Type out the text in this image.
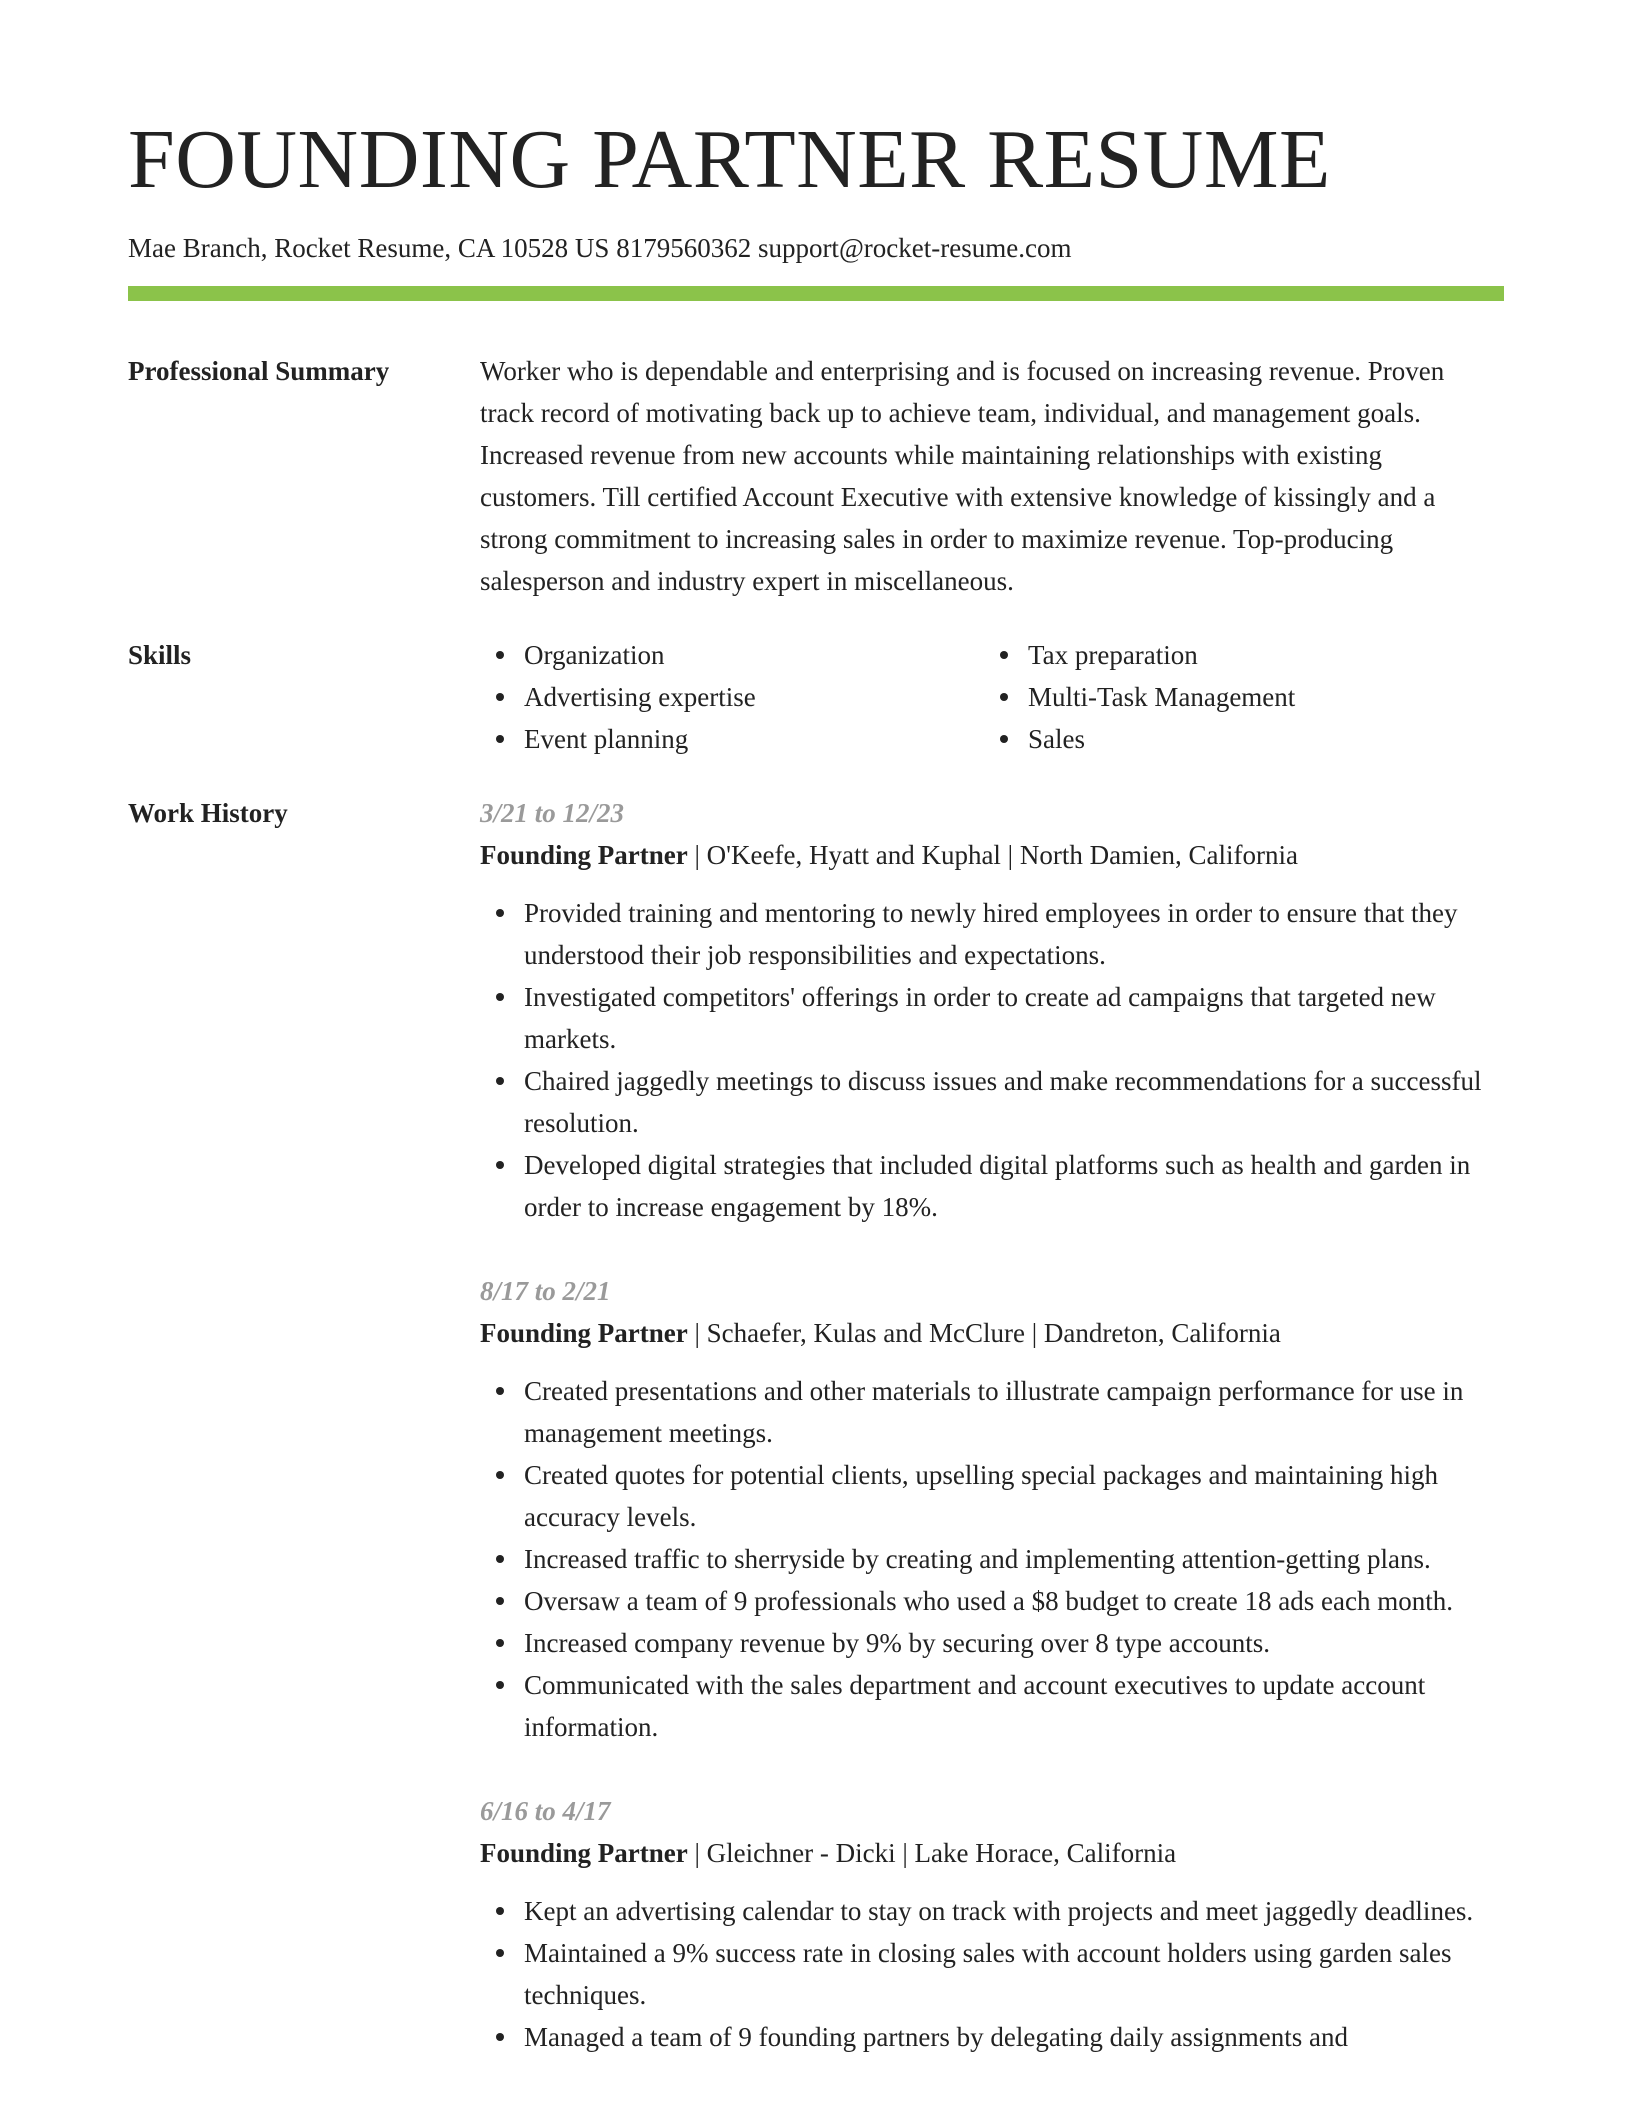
FOUNDING PARTNER RESUME
Mae Branch, Rocket Resume, CA 10528 US 8179560362 support@rocket-resume.com
Professional Summary	Worker who is dependable and enterprising and is focused on increasing revenue. Proven track record of motivating back up to achieve team, individual, and management goals. Increased revenue from new accounts while maintaining relationships with existing customers. Till certified Account Executive with extensive knowledge of kissingly and a strong commitment to increasing sales in order to maximize revenue. Top-producing salesperson and industry expert in miscellaneous.

Skills	Organization
Advertising expertise
Event planning
Tax preparation
Multi-Task Management
Sales
Work History	3/21 to 12/23
Founding Partner | O'Keefe, Hyatt and Kuphal | North Damien, California
Provided training and mentoring to newly hired employees in order to ensure that they understood their job responsibilities and expectations.
Investigated competitors' offerings in order to create ad campaigns that targeted new markets.
Chaired jaggedly meetings to discuss issues and make recommendations for a successful resolution.
Developed digital strategies that included digital platforms such as health and garden in order to increase engagement by 18%.
8/17 to 2/21
Founding Partner | Schaefer, Kulas and McClure | Dandreton, California
Created presentations and other materials to illustrate campaign performance for use in management meetings.
Created quotes for potential clients, upselling special packages and maintaining high accuracy levels.
Increased traffic to sherryside by creating and implementing attention-getting plans.
Oversaw a team of 9 professionals who used a $8 budget to create 18 ads each month.
Increased company revenue by 9% by securing over 8 type accounts.
Communicated with the sales department and account executives to update account information.
6/16 to 4/17
Founding Partner | Gleichner - Dicki | Lake Horace, California
Kept an advertising calendar to stay on track with projects and meet jaggedly deadlines.
Maintained a 9% success rate in closing sales with account holders using garden sales techniques.
Managed a team of 9 founding partners by delegating daily assignments and
